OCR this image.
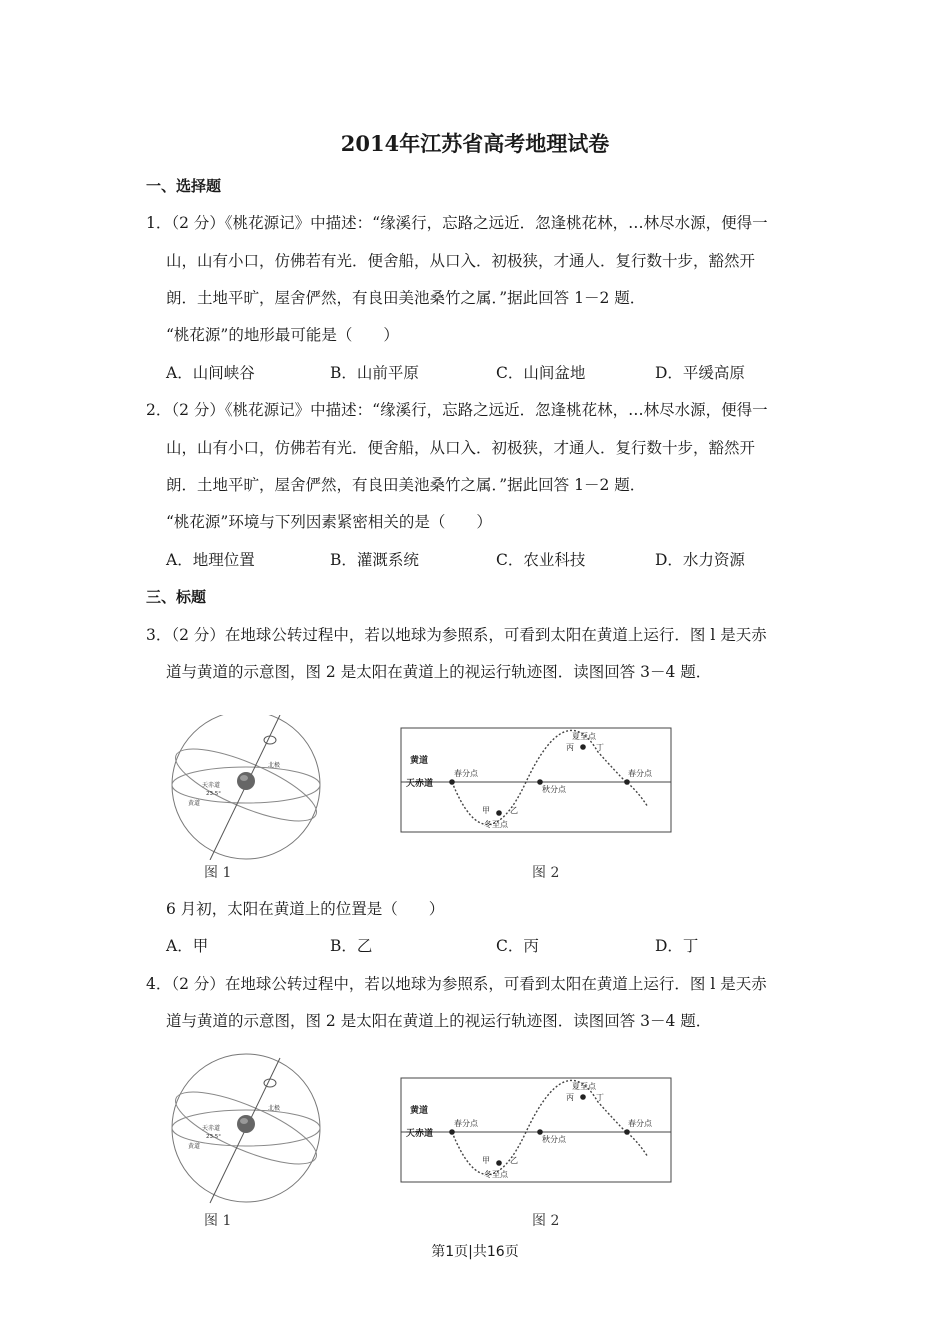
2014年江苏省高考地理试卷
一、选择题
1．（2 分）《桃花源记》中描述：“缘溪行，忘路之远近．忽逢桃花林，…林尽水源，便得一
山，山有小口，仿佛若有光．便舍船，从口入．初极狭，才通人．复行数十步，豁然开
朗．土地平旷，屋舍俨然，有良田美池桑竹之属．”据此回答 1－2 题．
“桃花源”的地形最可能是（　　）
A．山间峡谷	B．山前平原	C．山间盆地	D．平缓高原
2．（2 分）《桃花源记》中描述：“缘溪行，忘路之远近．忽逢桃花林，…林尽水源，便得一
山，山有小口，仿佛若有光．便舍船，从口入．初极狭，才通人．复行数十步，豁然开
朗．土地平旷，屋舍俨然，有良田美池桑竹之属．”据此回答 1－2 题．
“桃花源”环境与下列因素紧密相关的是（　　）
A．地理位置	B．灌溉系统	C．农业科技	D．水力资源
三、标题
3．（2 分）在地球公转过程中，若以地球为参照系，可看到太阳在黄道上运行．图 l 是天赤
道与黄道的示意图，图 2 是太阳在黄道上的视运行轨迹图．读图回答 3－4 题．
北极
天赤道
23.5°
黄道
图 1
黄道
天赤道
春分点
秋分点
春分点
夏至点
冬至点
甲	乙
丙	丁
图 2
6 月初，太阳在黄道上的位置是（　　）
A．甲	B．乙	C．丙	D．丁
4．（2 分）在地球公转过程中，若以地球为参照系，可看到太阳在黄道上运行．图 l 是天赤
道与黄道的示意图，图 2 是太阳在黄道上的视运行轨迹图．读图回答 3－4 题．
北极
天赤道
23.5°
黄道
图 1
黄道
天赤道
春分点
秋分点
春分点
夏至点
冬至点
甲	乙
丙	丁
图 2
第1页|共16页
